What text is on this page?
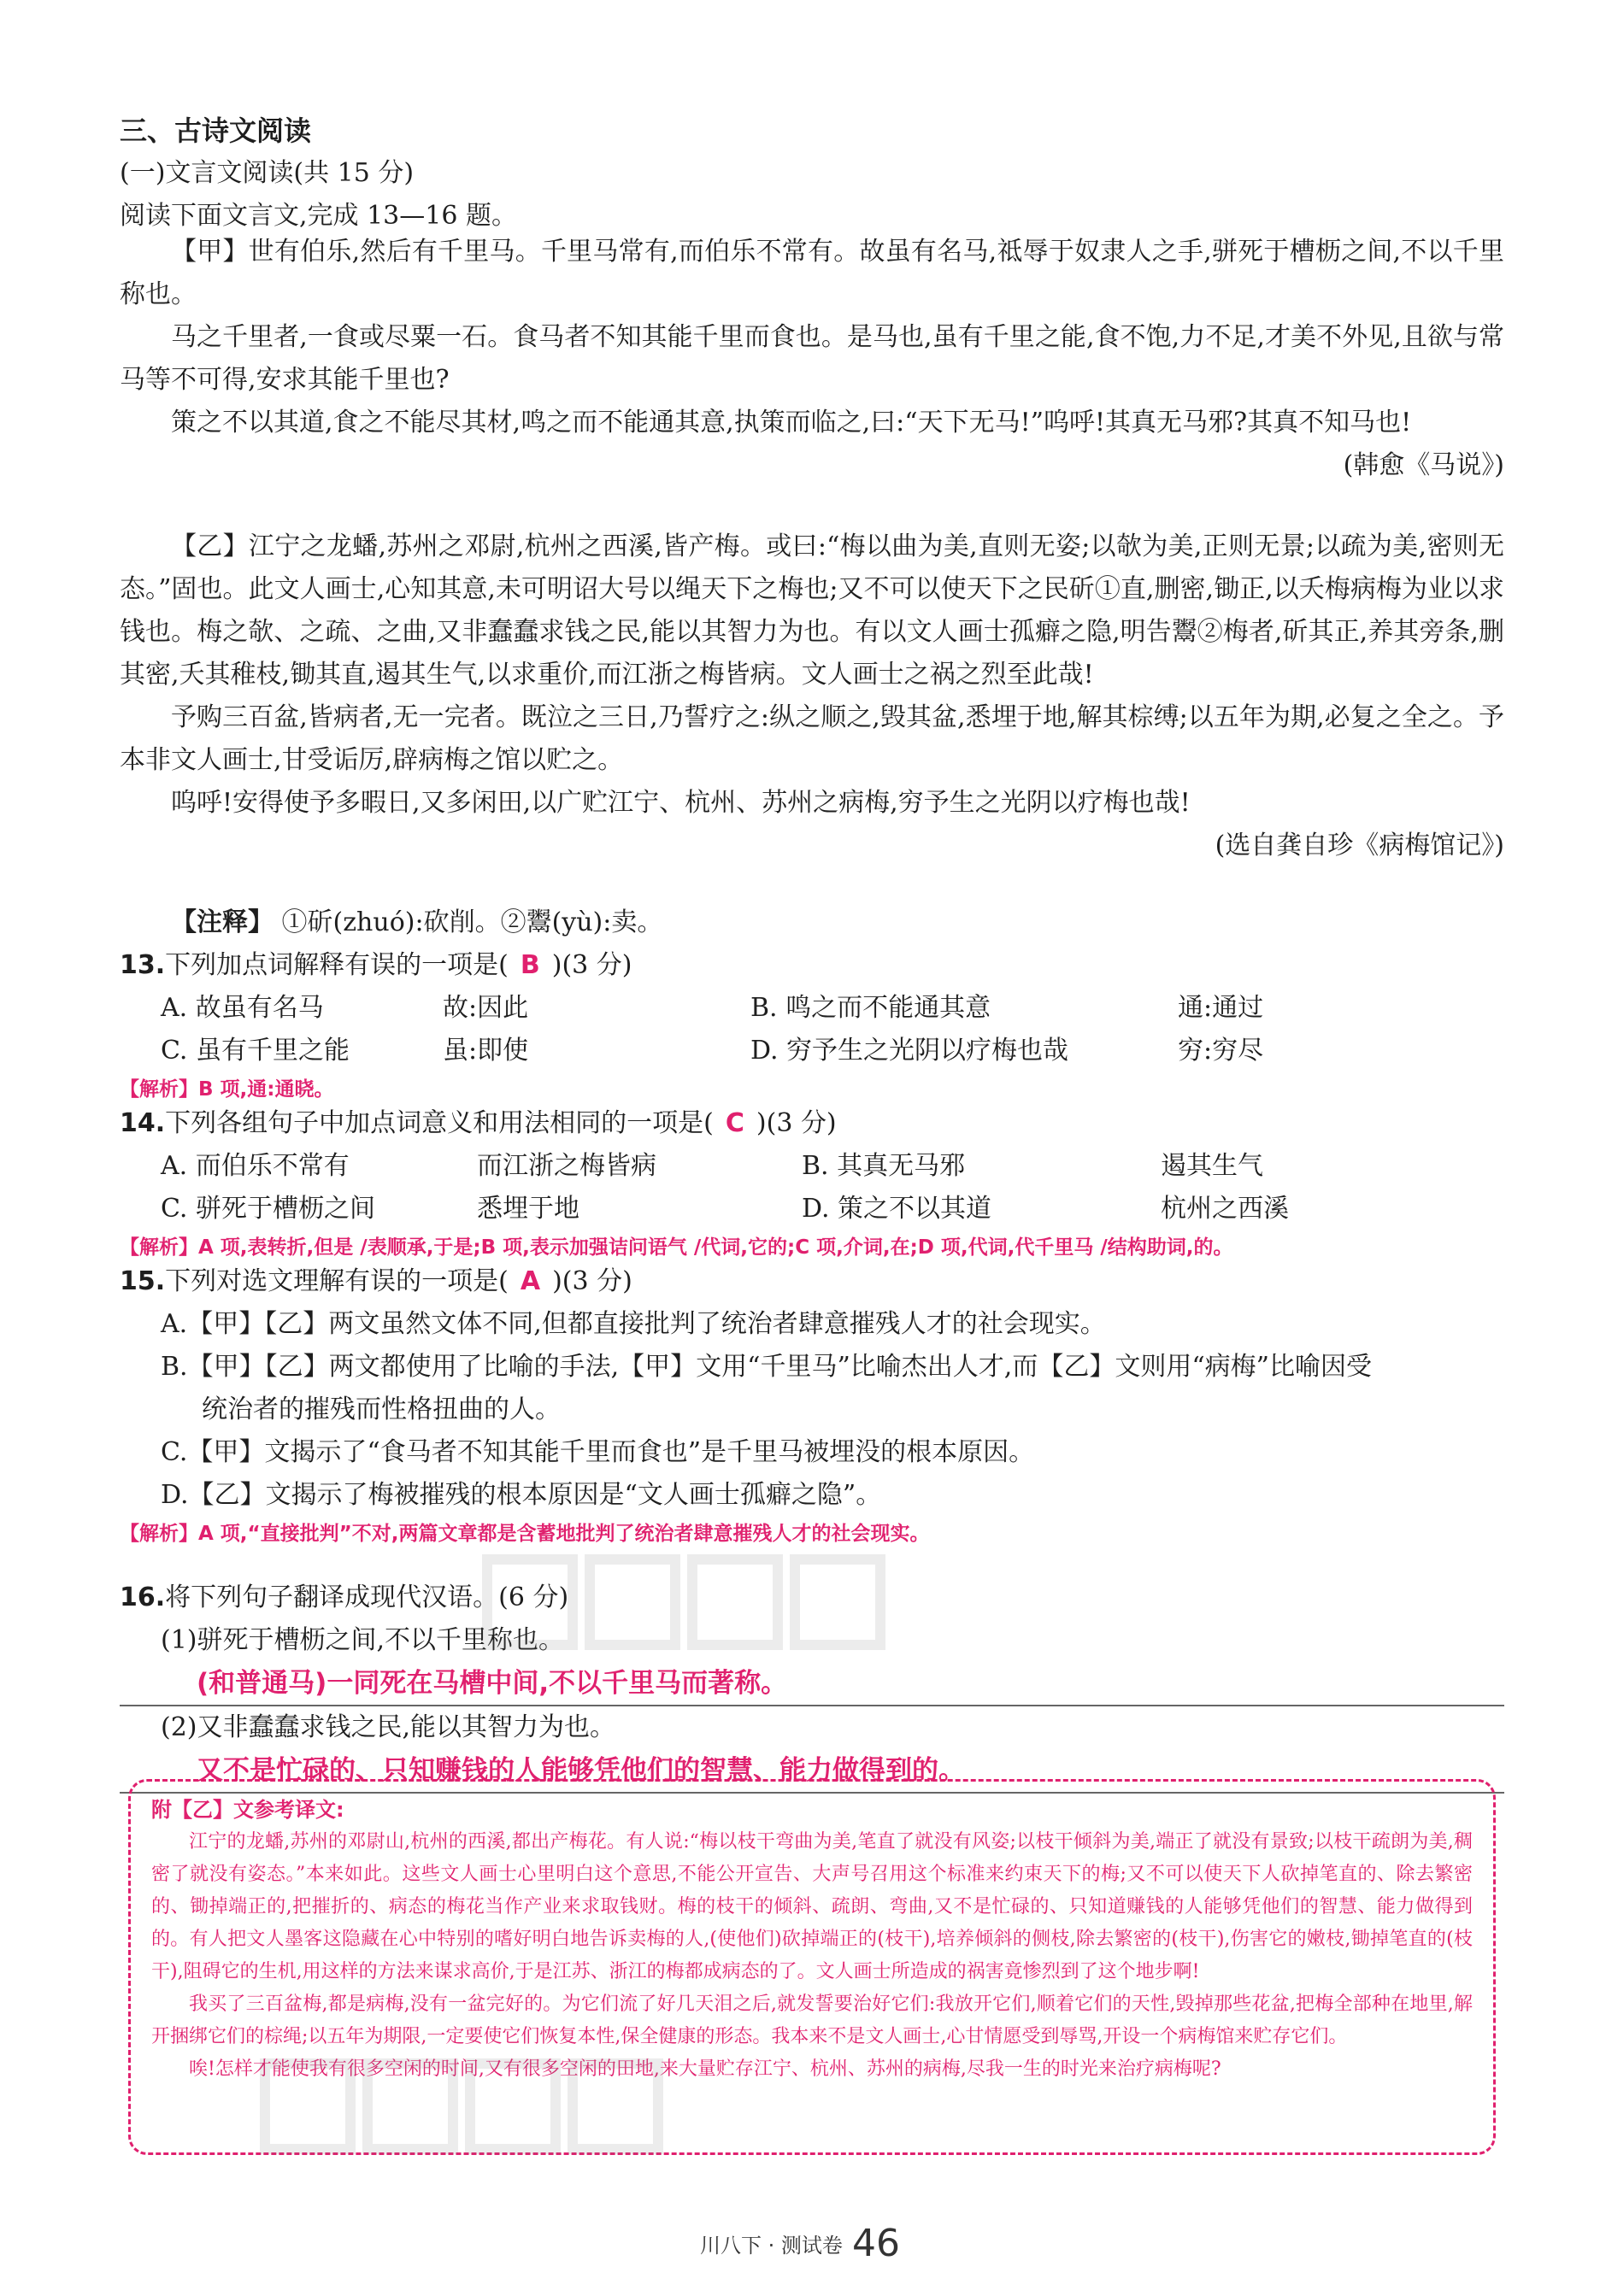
三、古诗文阅读
(一)文言文阅读(共 15 分)
阅读下面文言文,完成 13—16 题。
【甲】世有伯乐,然后有千里马。千里马常有,而伯乐不常有。故虽有名马,祗辱于奴隶人之手,骈死于槽枥之间,不以千里称也。
马之千里者,一食或尽粟一石。食马者不知其能千里而食也。是马也,虽有千里之能,食不饱,力不足,才美不外见,且欲与常马等不可得,安求其能千里也?
策之不以其道,食之不能尽其材,鸣之而不能通其意,执策而临之,曰:“天下无马!”呜呼!其真无马邪?其真不知马也!
(韩愈《马说》)
【乙】江宁之龙蟠,苏州之邓尉,杭州之西溪,皆产梅。或曰:“梅以曲为美,直则无姿;以欹为美,正则无景;以疏为美,密则无态。”固也。此文人画士,心知其意,未可明诏大号以绳天下之梅也;又不可以使天下之民斫①直,删密,锄正,以夭梅病梅为业以求钱也。梅之欹、之疏、之曲,又非蠢蠢求钱之民,能以其智力为也。有以文人画士孤癖之隐,明告鬻②梅者,斫其正,养其旁条,删其密,夭其稚枝,锄其直,遏其生气,以求重价,而江浙之梅皆病。文人画士之祸之烈至此哉!
予购三百盆,皆病者,无一完者。既泣之三日,乃誓疗之:纵之顺之,毁其盆,悉埋于地,解其棕缚;以五年为期,必复之全之。予本非文人画士,甘受诟厉,辟病梅之馆以贮之。
呜呼!安得使予多暇日,又多闲田,以广贮江宁、杭州、苏州之病梅,穷予生之光阴以疗梅也哉!
(选自龚自珍《病梅馆记》)
【注释】 ①斫(zhuó):砍削。②鬻(yù):卖。
13.下列加点词解释有误的一项是( B )(3 分)
A. 故虽有名马	故:因此	B. 鸣之而不能通其意	通:通过
C. 虽有千里之能	虽:即使	D. 穷予生之光阴以疗梅也哉	穷:穷尽
【解析】B 项,通:通晓。
14.下列各组句子中加点词意义和用法相同的一项是( C )(3 分)
A. 而伯乐不常有	而江浙之梅皆病	B. 其真无马邪	遏其生气
C. 骈死于槽枥之间	悉埋于地	D. 策之不以其道	杭州之西溪
【解析】A 项,表转折,但是 /表顺承,于是;B 项,表示加强诘问语气 /代词,它的;C 项,介词,在;D 项,代词,代千里马 /结构助词,的。
15.下列对选文理解有误的一项是( A )(3 分)
A.【甲】【乙】两文虽然文体不同,但都直接批判了统治者肆意摧残人才的社会现实。
B.【甲】【乙】两文都使用了比喻的手法,【甲】文用“千里马”比喻杰出人才,而【乙】文则用“病梅”比喻因受
统治者的摧残而性格扭曲的人。
C.【甲】文揭示了“食马者不知其能千里而食也”是千里马被埋没的根本原因。
D.【乙】文揭示了梅被摧残的根本原因是“文人画士孤癖之隐”。
【解析】A 项,“直接批判”不对,两篇文章都是含蓄地批判了统治者肆意摧残人才的社会现实。
16.将下列句子翻译成现代汉语。(6 分)
(1)骈死于槽枥之间,不以千里称也。
(和普通马)一同死在马槽中间,不以千里马而著称。
(2)又非蠢蠢求钱之民,能以其智力为也。
又不是忙碌的、只知赚钱的人能够凭他们的智慧、能力做得到的。
附【乙】文参考译文:
江宁的龙蟠,苏州的邓尉山,杭州的西溪,都出产梅花。有人说:“梅以枝干弯曲为美,笔直了就没有风姿;以枝干倾斜为美,端正了就没有景致;以枝干疏朗为美,稠密了就没有姿态。”本来如此。这些文人画士心里明白这个意思,不能公开宣告、大声号召用这个标准来约束天下的梅;又不可以使天下人砍掉笔直的、除去繁密的、锄掉端正的,把摧折的、病态的梅花当作产业来求取钱财。梅的枝干的倾斜、疏朗、弯曲,又不是忙碌的、只知道赚钱的人能够凭他们的智慧、能力做得到的。有人把文人墨客这隐藏在心中特别的嗜好明白地告诉卖梅的人,(使他们)砍掉端正的(枝干),培养倾斜的侧枝,除去繁密的(枝干),伤害它的嫩枝,锄掉笔直的(枝干),阻碍它的生机,用这样的方法来谋求高价,于是江苏、浙江的梅都成病态的了。文人画士所造成的祸害竟惨烈到了这个地步啊!
我买了三百盆梅,都是病梅,没有一盆完好的。为它们流了好几天泪之后,就发誓要治好它们:我放开它们,顺着它们的天性,毁掉那些花盆,把梅全部种在地里,解开捆绑它们的棕绳;以五年为期限,一定要使它们恢复本性,保全健康的形态。我本来不是文人画士,心甘情愿受到辱骂,开设一个病梅馆来贮存它们。
唉!怎样才能使我有很多空闲的时间,又有很多空闲的田地,来大量贮存江宁、杭州、苏州的病梅,尽我一生的时光来治疗病梅呢?
川八下 · 测试卷 46
